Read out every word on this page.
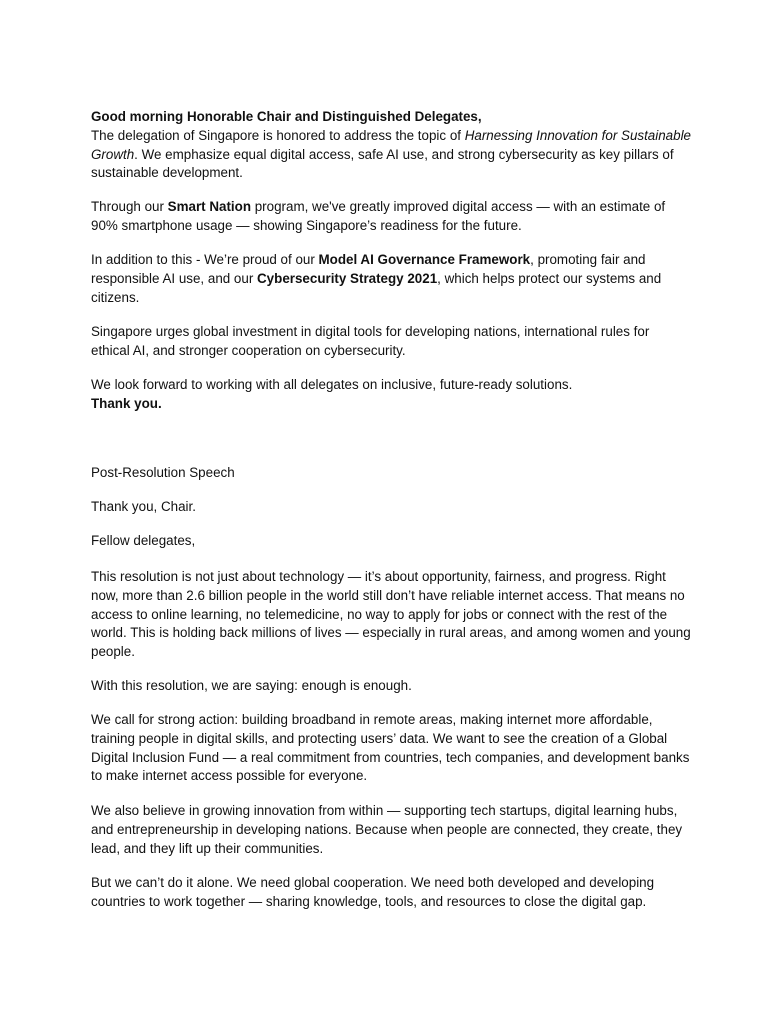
Good morning Honorable Chair and Distinguished Delegates,
The delegation of Singapore is honored to address the topic of Harnessing Innovation for Sustainable Growth. We emphasize equal digital access, safe AI use, and strong cybersecurity as key pillars of sustainable development.

Through our Smart Nation program, we've greatly improved digital access — with an estimate of 90% smartphone usage — showing Singapore’s readiness for the future.

In addition to this - We’re proud of our Model AI Governance Framework, promoting fair and responsible AI use, and our Cybersecurity Strategy 2021, which helps protect our systems and citizens.

Singapore urges global investment in digital tools for developing nations, international rules for ethical AI, and stronger cooperation on cybersecurity.

We look forward to working with all delegates on inclusive, future-ready solutions.
Thank you.

Post-Resolution Speech

Thank you, Chair.

Fellow delegates,

This resolution is not just about technology — it’s about opportunity, fairness, and progress. Right now, more than 2.6 billion people in the world still don’t have reliable internet access. That means no access to online learning, no telemedicine, no way to apply for jobs or connect with the rest of the world. This is holding back millions of lives — especially in rural areas, and among women and young people.

With this resolution, we are saying: enough is enough.

We call for strong action: building broadband in remote areas, making internet more affordable, training people in digital skills, and protecting users’ data. We want to see the creation of a Global Digital Inclusion Fund — a real commitment from countries, tech companies, and development banks to make internet access possible for everyone.

We also believe in growing innovation from within — supporting tech startups, digital learning hubs, and entrepreneurship in developing nations. Because when people are connected, they create, they lead, and they lift up their communities.

But we can’t do it alone. We need global cooperation. We need both developed and developing countries to work together — sharing knowledge, tools, and resources to close the digital gap.
